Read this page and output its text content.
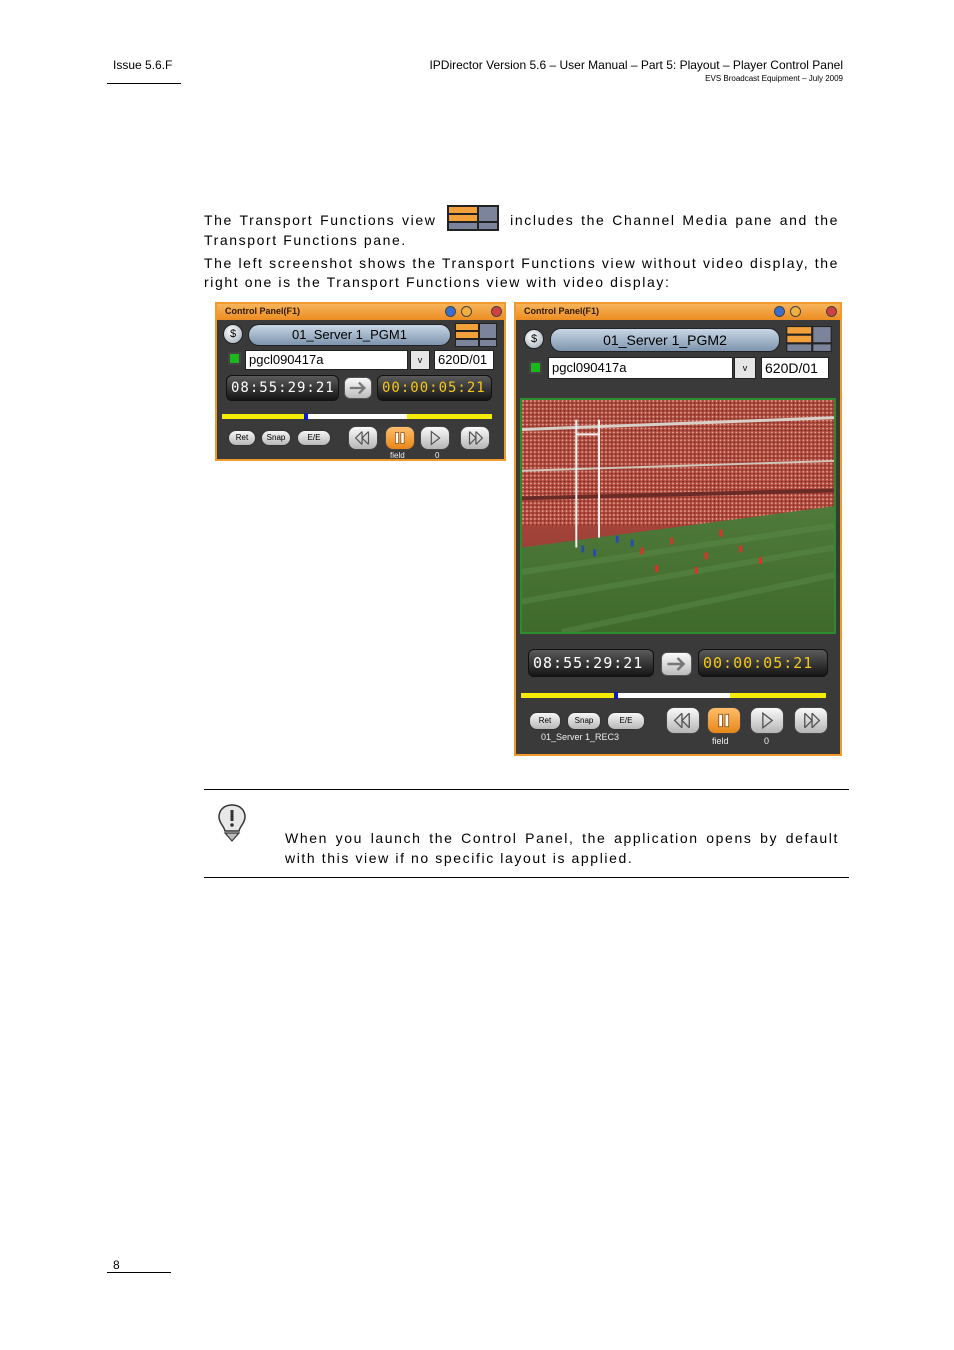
Issue 5.6.F	IPDirector Version 5.6 – User Manual – Part 5: Playout – Player Control Panel
EVS Broadcast Equipment – July 2009
The Transport Functions view	includes the Channel Media pane and the Transport Functions pane.
The left screenshot shows the Transport Functions view without video display, the right one is the Transport Functions view with video display:
Control Panel(F1)
$	01_Server 1_PGM1
pgcl090417a	v	620D/01
08:55:29:21	00:00:05:21
Ret	Snap	E/E
field	0
Control Panel(F1)
$	01_Server 1_PGM2
pgcl090417a	v	620D/01
08:55:29:21	00:00:05:21
Ret	Snap	E/E
01_Server 1_REC3	field	0
When you launch the Control Panel, the application opens by default with this view if no specific layout is applied.
8
